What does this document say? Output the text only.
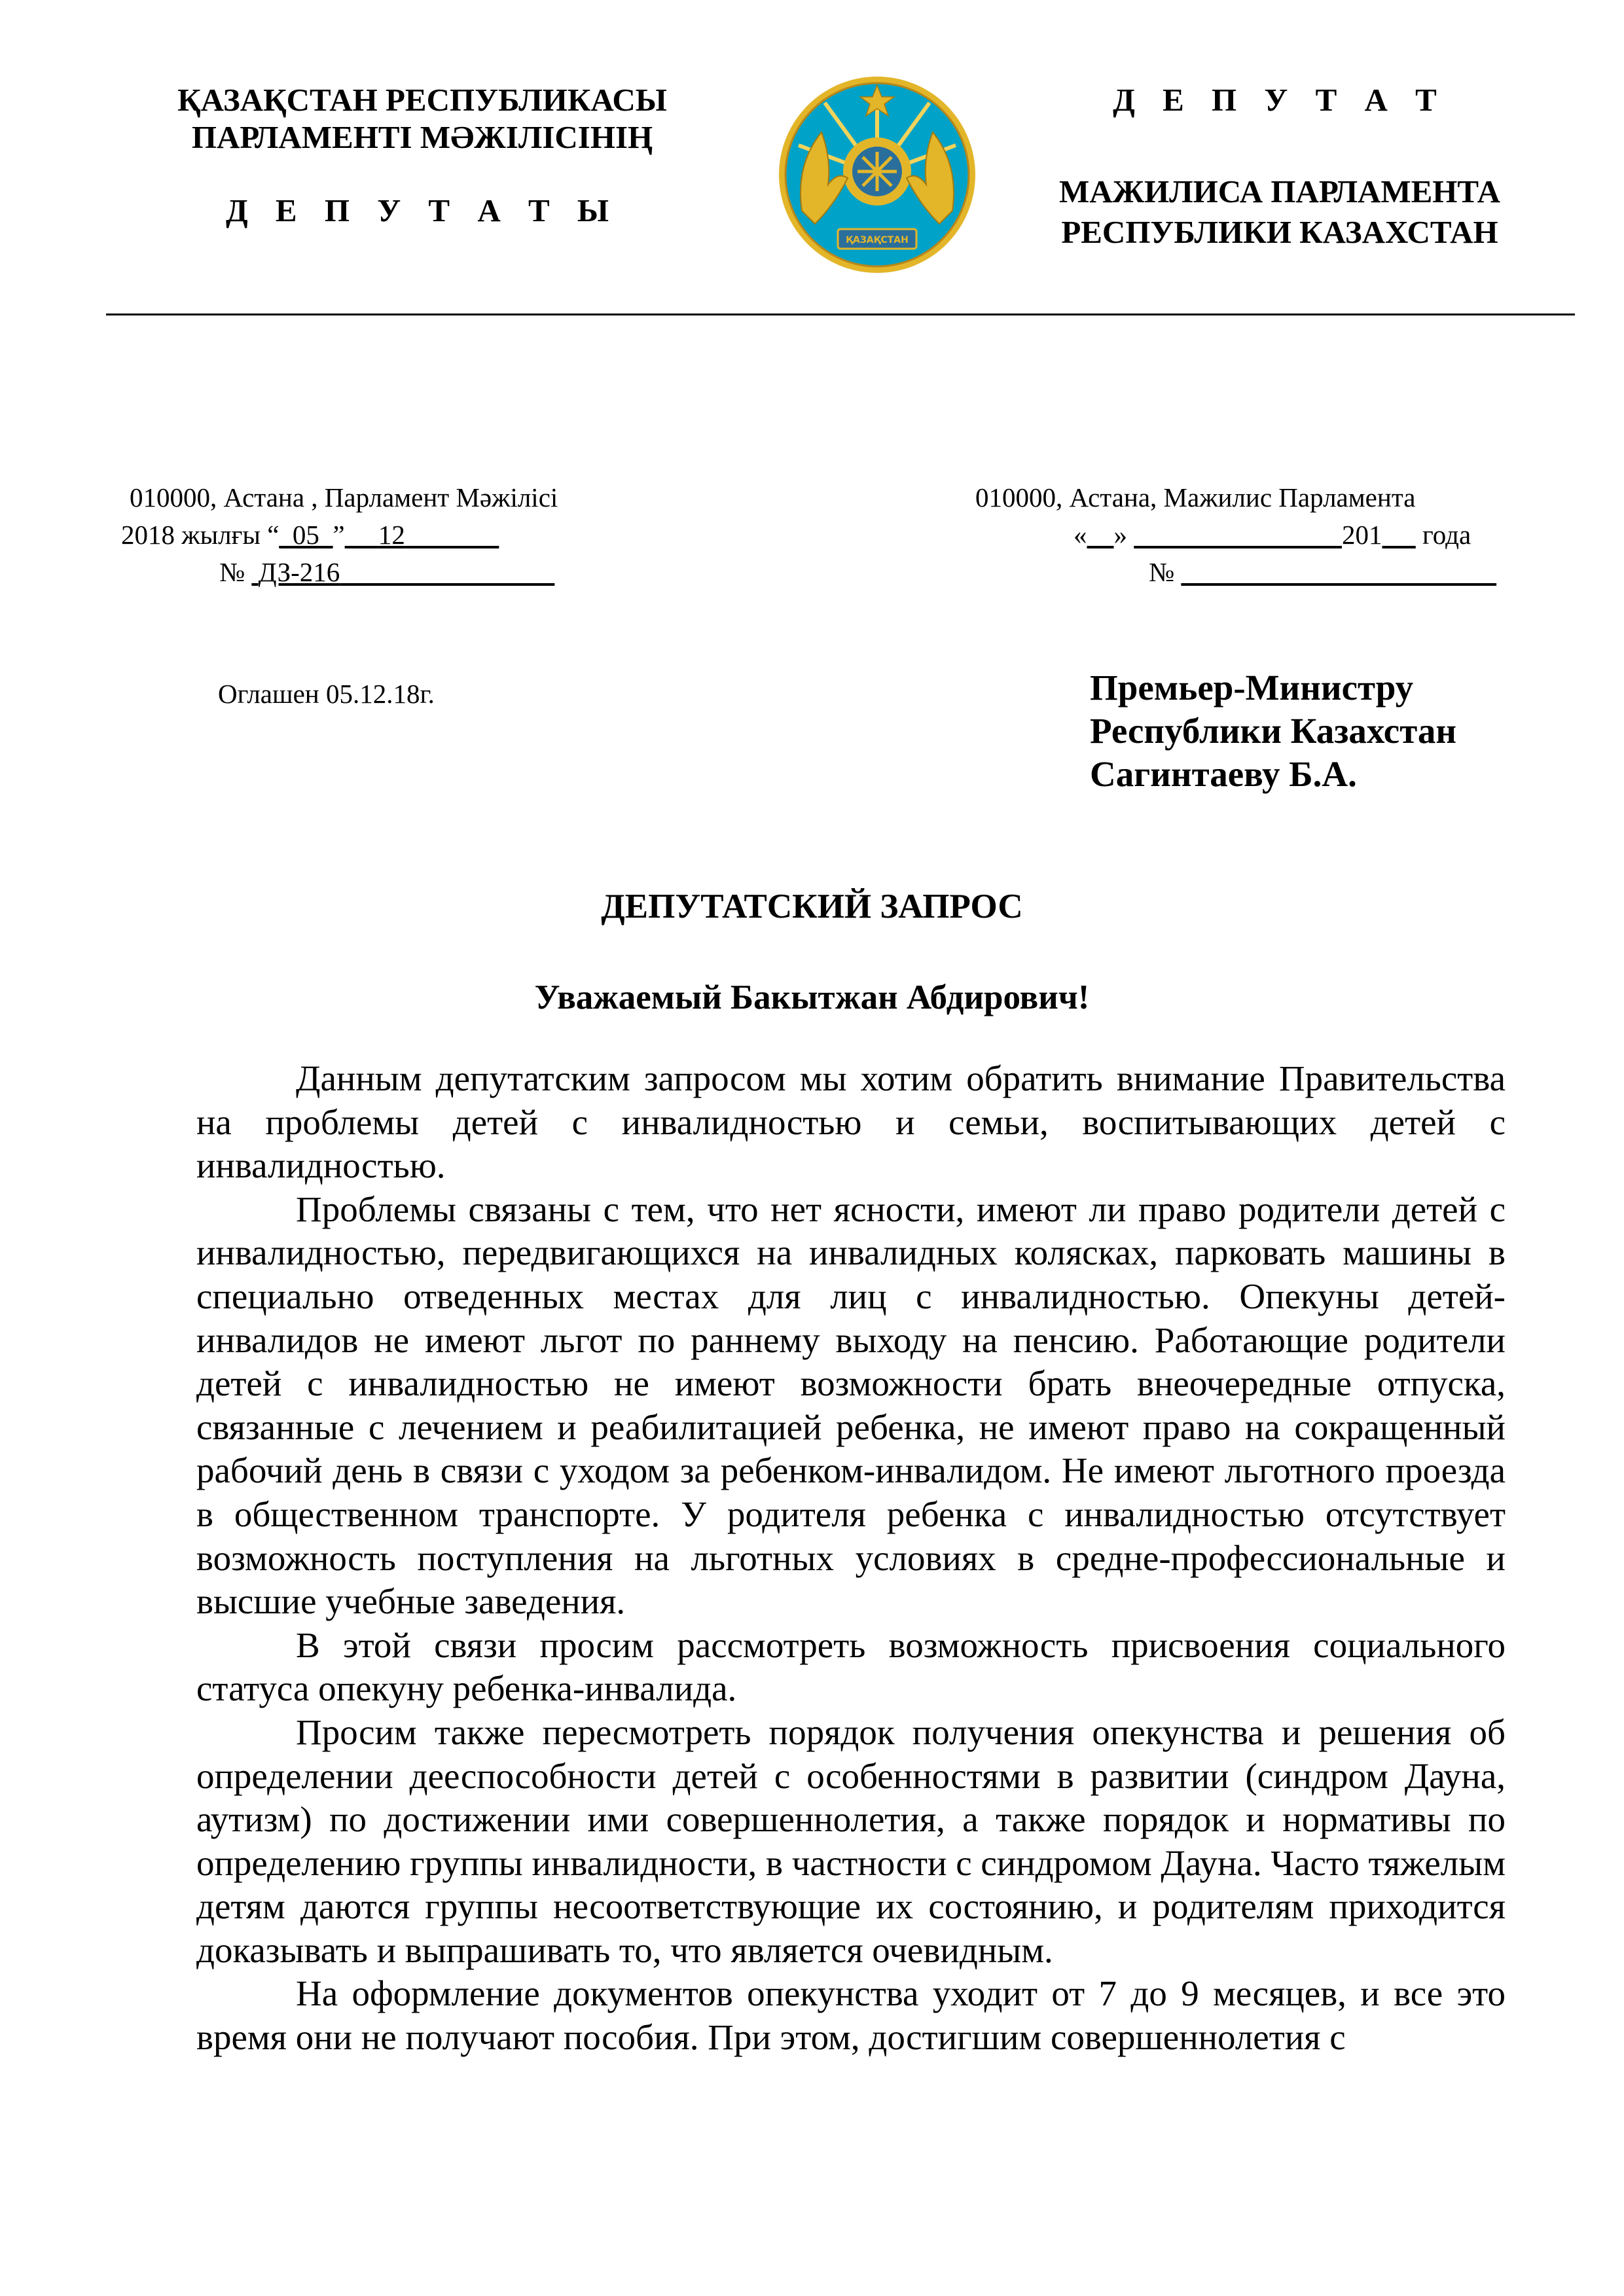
ҚАЗАҚСТАН РЕСПУБЛИКАСЫ
ПАРЛАМЕНТІ МӘЖІЛІСІНІҢ
Д Е П У Т А Т Ы
ҚАЗАҚСТАН
Д Е П У Т А Т
МАЖИЛИСА ПАРЛАМЕНТА
РЕСПУБЛИКИ КАЗАХСТАН
010000, Астана , Парламент Мәжілісі
2018 жылғы “_05_” 12
№  ДЗ-216
010000, Астана, Мажилис Парламента
« »	201      года
№
Оглашен 05.12.18г.	Премьер-Министру
Республики Казахстан
Сагинтаеву Б.А.
ДЕПУТАТСКИЙ ЗАПРОС
Уважаемый Бакытжан Абдирович!

Данным депутатским запросом мы хотим обратить внимание Правительства на проблемы детей с инвалидностью и семьи, воспитывающих детей с инвалидностью.

Проблемы связаны с тем, что нет ясности, имеют ли право родители детей с инвалидностью, передвигающихся на инвалидных колясках, парковать машины в специально отведенных местах для лиц с инвалидностью. Опекуны детей-инвалидов не имеют льгот по раннему выходу на пенсию. Работающие родители детей с инвалидностью не имеют возможности брать внеочередные отпуска, связанные с лечением и реабилитацией ребенка, не имеют право на сокращенный рабочий день в связи с уходом за ребенком-инвалидом. Не имеют льготного проезда в общественном транспорте. У родителя ребенка с инвалидностью отсутствует возможность поступления на льготных условиях в средне-профессиональные и высшие учебные заведения.

В этой связи просим рассмотреть возможность присвоения социального статуса опекуну ребенка-инвалида.

Просим также пересмотреть порядок получения опекунства и решения об определении дееспособности детей с особенностями в развитии (синдром Дауна, аутизм) по достижении ими совершеннолетия, а также порядок и нормативы по определению группы инвалидности, в частности с синдромом Дауна. Часто тяжелым детям даются группы несоответствующие их состоянию, и родителям приходится доказывать и выпрашивать то, что является очевидным.

На оформление документов опекунства уходит от 7 до 9 месяцев, и все это время они не получают пособия. При этом, достигшим совершеннолетия с
